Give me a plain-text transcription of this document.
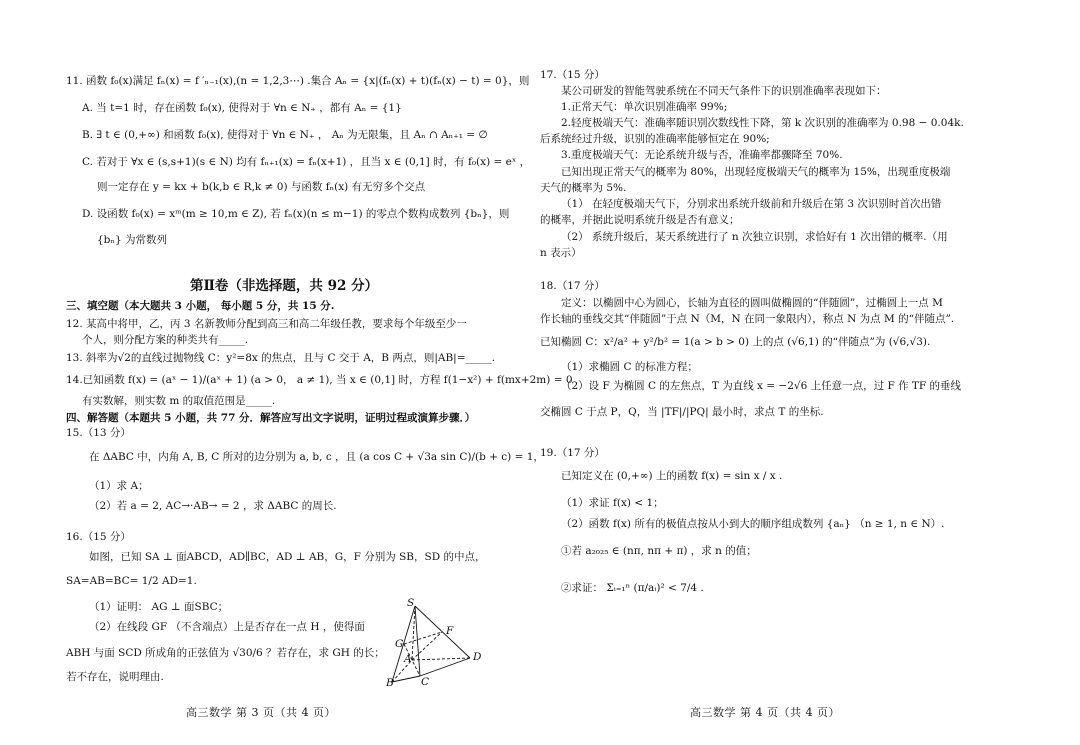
11. 函数 f₀(x)满足 fₙ(x) = f ′ₙ₋₁(x),(n = 1,2,3⋯) .集合 Aₙ = {x|(fₙ(x) + t)(fₙ(x) − t) = 0}，则
A. 当 t=1 时，存在函数 f₀(x), 使得对于 ∀n ∈ N₊ ，都有 Aₙ = {1}
B. ∃ t ∈ (0,+∞) 和函数 f₀(x), 使得对于 ∀n ∈ N₊ ， Aₙ 为无限集，且 Aₙ ∩ Aₙ₊₁ = ∅
C. 若对于 ∀x ∈ (s,s+1)(s ∈ N) 均有 fₙ₊₁(x) = fₙ(x+1) ，且当 x ∈ (0,1] 时，有 f₀(x) = eˣ ，
则一定存在 y = kx + b(k,b ∈ R,k ≠ 0) 与函数 fₙ(x) 有无穷多个交点
D. 设函数 f₀(x) = xᵐ(m ≥ 10,m ∈ Z), 若 fₙ(x)(n ≤ m−1) 的零点个数构成数列 {bₙ}，则
{bₙ} 为常数列
第Ⅱ卷（非选择题，共 92 分）
三、填空题（本大题共 3 小题， 每小题 5 分，共 15 分.
12. 某高中将甲，乙，丙 3 名新教师分配到高三和高二年级任教，要求每个年级至少一
个人，则分配方案的种类共有_____.
13. 斜率为√2的直线过抛物线 C：y²=8x 的焦点，且与 C 交于 A，B 两点，则|AB|=_____.
14.已知函数 f(x) = (aˣ − 1)/(aˣ + 1) (a > 0， a ≠ 1), 当 x ∈ (0,1] 时，方程 f(1−x²) + f(mx+2m) = 0
有实数解，则实数 m 的取值范围是_____.
四、解答题（本题共 5 小题，共 77 分．解答应写出文字说明，证明过程或演算步骤．）
15.（13 分）
在 ΔABC 中，内角 A, B, C 所对的边分别为 a, b, c ，且 (a cos C + √3a sin C)/(b + c) = 1，
（1）求 A；
（2）若 a = 2, AC→·AB→ = 2 ，求 ΔABC 的周长.
16.（15 分）
如图，已知 SA ⊥ 面ABCD，AD∥BC，AD ⊥ AB，G，F 分别为 SB，SD 的中点，
SA=AB=BC= 1/2 AD=1.
（1）证明： AG ⊥ 面SBC；
（2）在线段 GF （不含端点）上是否存在一点 H ，使得面
ABH 与面 SCD 所成角的正弦值为 √30/6 ？若存在，求 GH 的长；
若不存在，说明理由.
S
G
F
A	D
B	C
高三数学 第 3 页（共 4 页）
17.（15 分）
某公司研发的智能驾驶系统在不同天气条件下的识别准确率表现如下：
1.正常天气：单次识别准确率 99%;
2.轻度极端天气：准确率随识别次数线性下降，第 k 次识别的准确率为 0.98 − 0.04k.
后系统经过升级，识别的准确率能够恒定在 90%;
3.重度极端天气：无论系统升级与否，准确率都骤降至 70%.
已知出现正常天气的概率为 80%，出现轻度极端天气的概率为 15%，出现重度极端
天气的概率为 5%.
（1） 在轻度极端天气下，分别求出系统升级前和升级后在第 3 次识别时首次出错
的概率，并据此说明系统升级是否有意义；
（2） 系统升级后，某天系统进行了 n 次独立识别，求恰好有 1 次出错的概率.（用
n 表示）
18.（17 分）
定义：以椭圆中心为圆心，长轴为直径的圆叫做椭圆的“伴随圆”，过椭圆上一点 M
作长轴的垂线交其“伴随圆”于点 N（M，N 在同一象限内），称点 N 为点 M 的“伴随点”.
已知椭圆 C：x²/a² + y²/b² = 1(a > b > 0) 上的点 (√6,1) 的“伴随点”为 (√6,√3).
（1）求椭圆 C 的标准方程；
（2）设 F 为椭圆 C 的左焦点，T 为直线 x = −2√6 上任意一点，过 F 作 TF 的垂线
交椭圆 C 于点 P，Q，当 |TF|/|PQ| 最小时，求点 T 的坐标.
19.（17 分）
已知定义在 (0,+∞) 上的函数 f(x) = sin x / x .
（1）求证 f(x) < 1；
（2）函数 f(x) 所有的极值点按从小到大的顺序组成数列 {aₙ} （n ≥ 1, n ∈ N）.
①若 a₂₀₂₅ ∈ (nπ, nπ + π) ，求 n 的值；
②求证： Σᵢ₌₁ⁿ (π/aᵢ)² < 7/4 .
高三数学 第 4 页（共 4 页）
